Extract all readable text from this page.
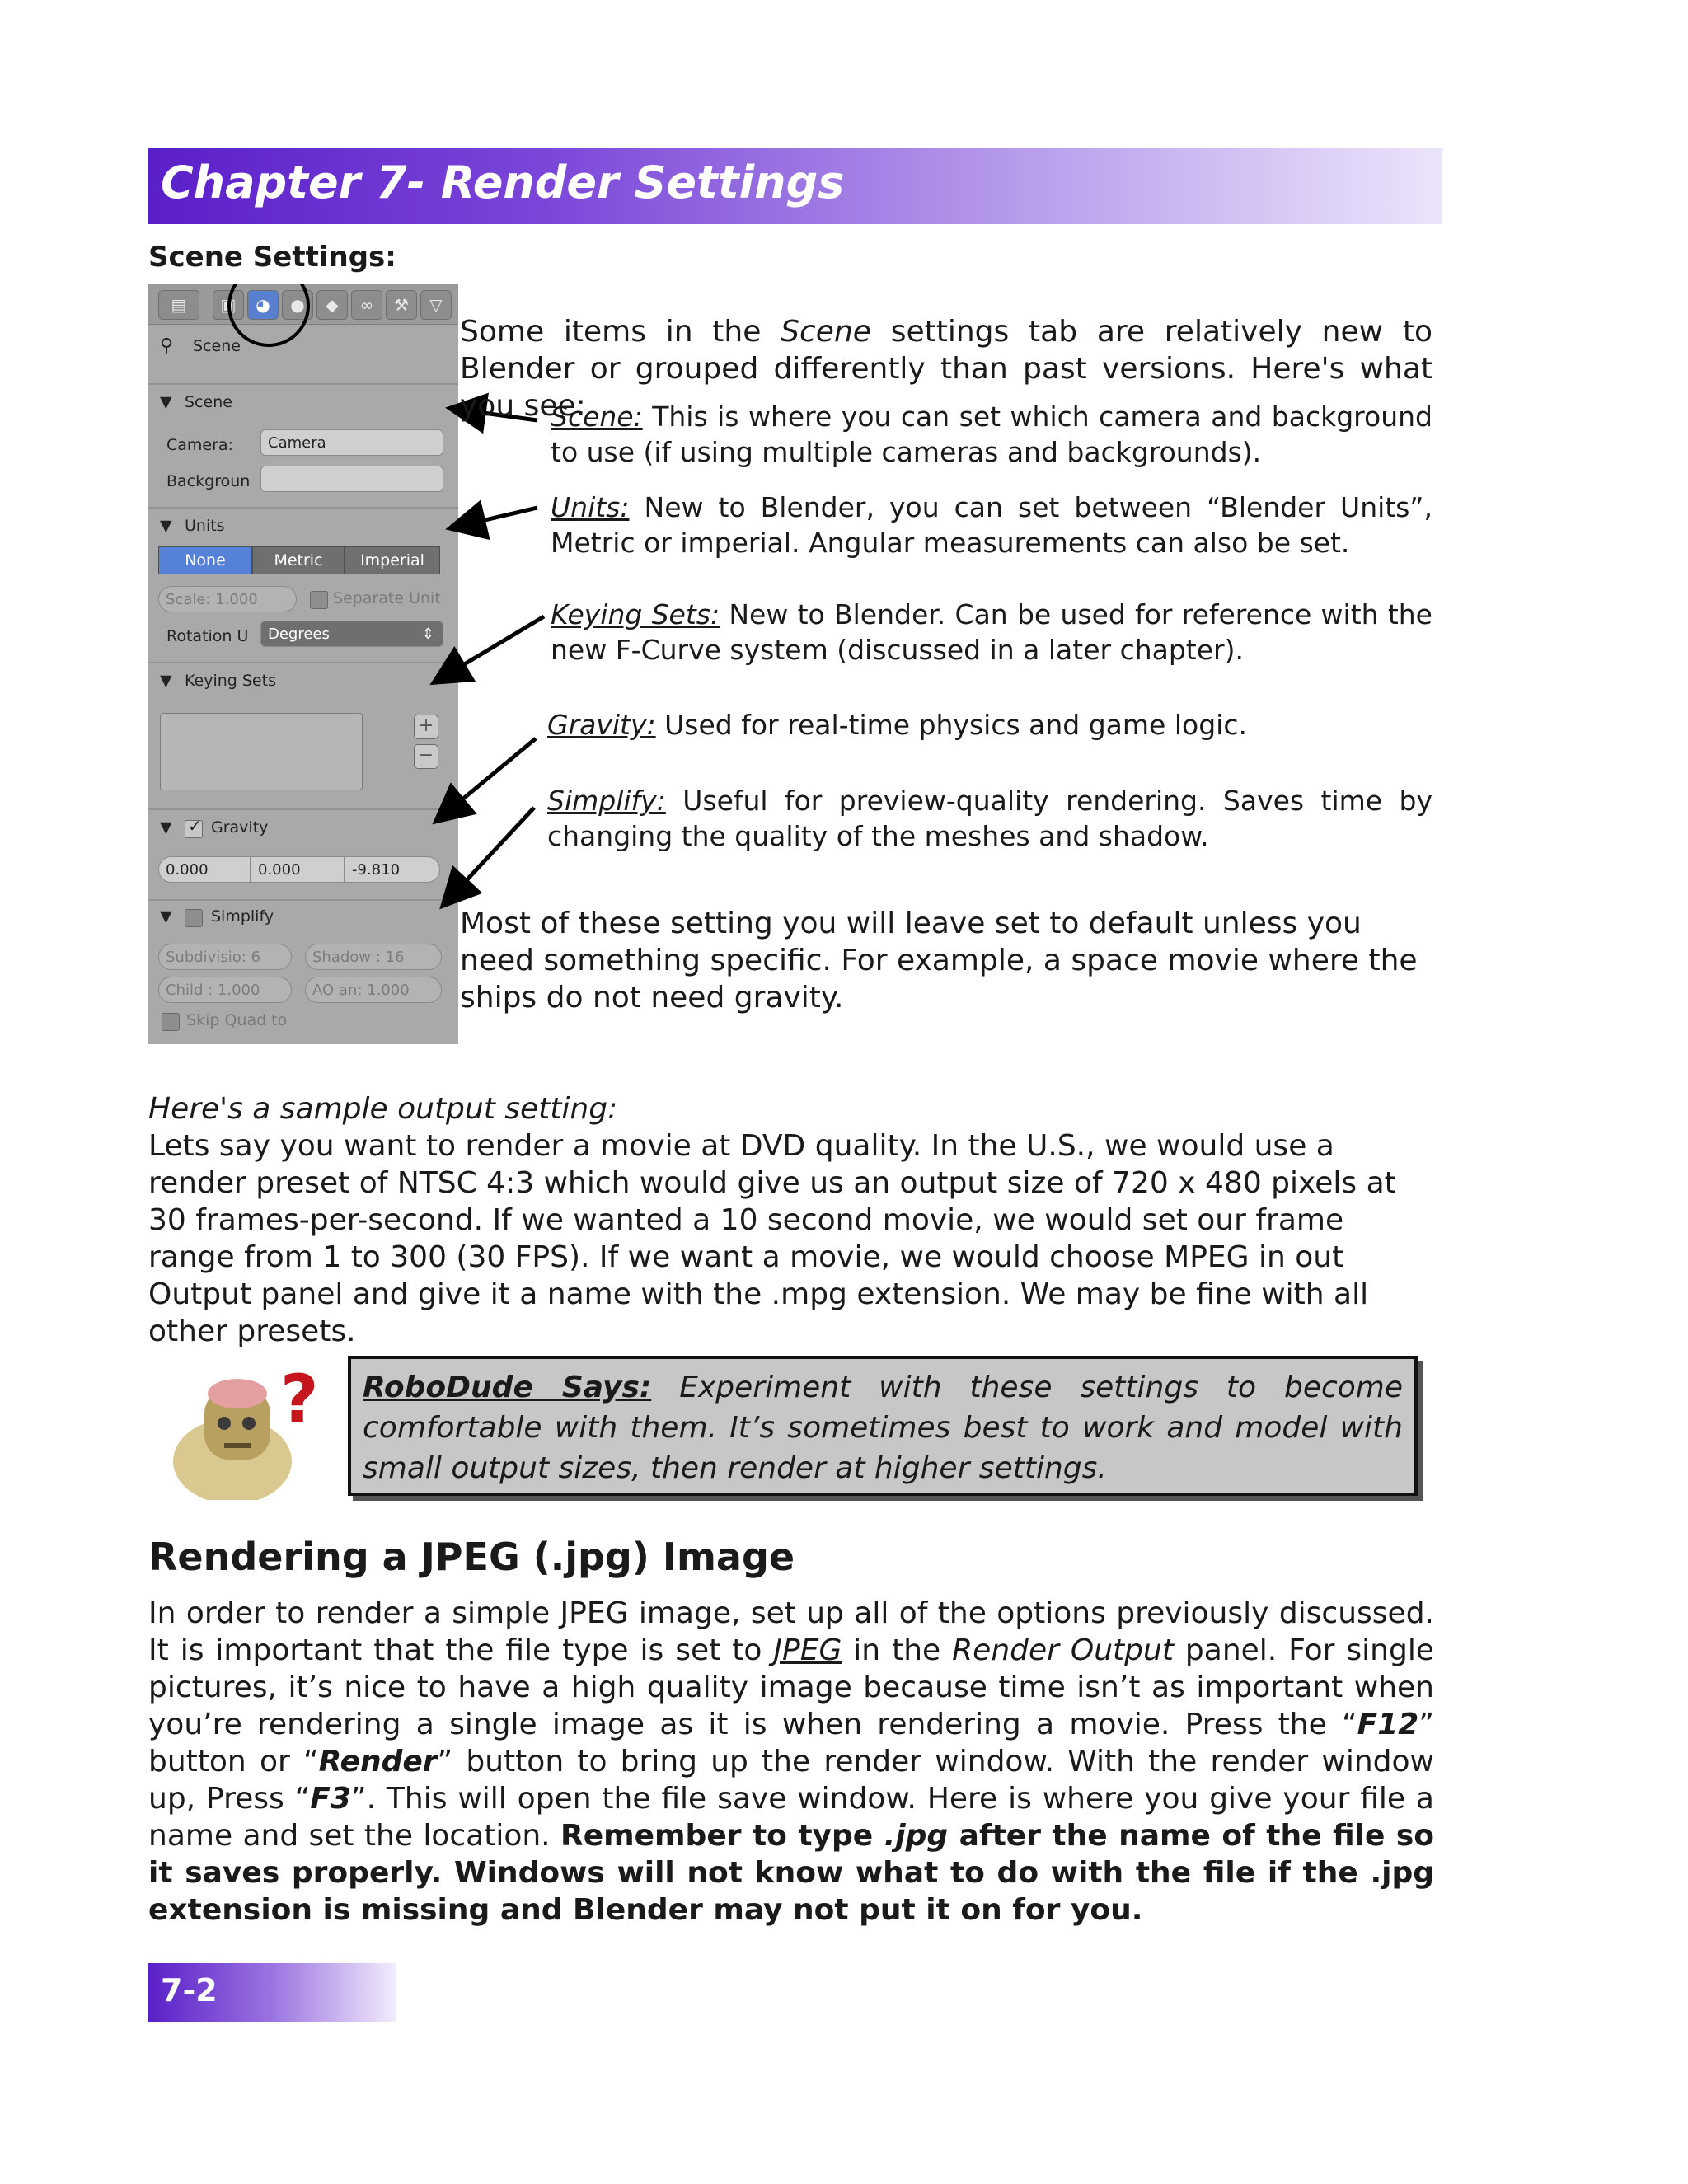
Chapter 7- Render Settings
Scene Settings:
▤	▣	◕	●	◆	∞	⚒	▽
⚲ Scene
▼ Scene
Camera:	Camera
Backgroun
▼ Units
None	Metric	Imperial
Scale: 1.000	Separate Unit
Rotation U	Degrees	⇕
▼ Keying Sets
+
−
▼ ✓ Gravity
0.000	0.000	-9.810
▼ Simplify
Subdivisio: 6	Shadow : 16
Child : 1.000	AO an: 1.000
Skip Quad to
Some items in the Scene settings tab are relatively new to Blender or grouped differently than past versions. Here's what you see:
Scene: This is where you can set which camera and background to use (if using multiple cameras and backgrounds).
Units: New to Blender, you can set between “Blender Units”, Metric or imperial. Angular measurements can also be set.
Keying Sets: New to Blender. Can be used for reference with the new F-Curve system (discussed in a later chapter).
Gravity: Used for real-time physics and game logic.
Simplify: Useful for preview-quality rendering. Saves time by changing the quality of the meshes and shadow.
Most of these setting you will leave set to default unless you need something specific. For example, a space movie where the ships do not need gravity.
Here's a sample output setting:
Lets say you want to render a movie at DVD quality. In the U.S., we would use a render preset of NTSC 4:3 which would give us an output size of 720 x 480 pixels at 30 frames-per-second. If we wanted a 10 second movie, we would set our frame range from 1 to 300 (30 FPS). If we want a movie, we would choose MPEG in out Output panel and give it a name with the .mpg extension. We may be fine with all other presets.
?	RoboDude Says: Experiment with these settings to become comfortable with them. It’s sometimes best to work and model with small output sizes, then render at higher settings.
Rendering a JPEG (.jpg) Image
In order to render a simple JPEG image, set up all of the options previously discussed. It is important that the file type is set to JPEG in the Render Output panel. For single pictures, it’s nice to have a high quality image because time isn’t as important when you’re rendering a single image as it is when rendering a movie. Press the “F12” button or “Render” button to bring up the render window. With the render window up, Press “F3”. This will open the file save window. Here is where you give your file a name and set the location. Remember to type .jpg after the name of the file so it saves properly. Windows will not know what to do with the file if the .jpg extension is missing and Blender may not put it on for you.
7-2
